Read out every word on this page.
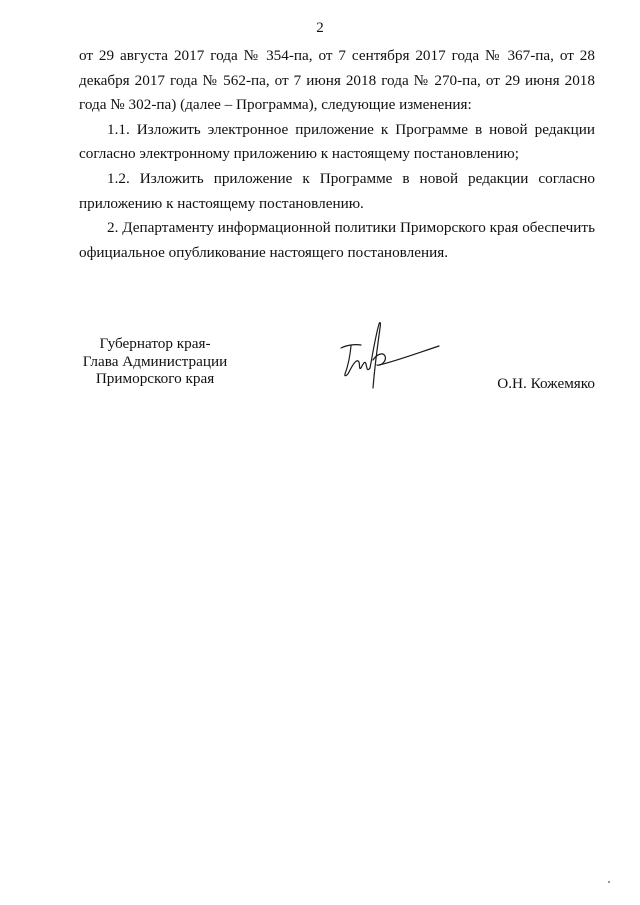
2

от 29 августа 2017 года № 354-па, от 7 сентября 2017 года № 367-па, от 28 декабря 2017 года № 562-па, от 7 июня 2018 года № 270-па, от 29 июня 2018 года № 302-па) (далее – Программа), следующие изменения:

1.1. Изложить электронное приложение к Программе в новой редакции согласно электронному приложению к настоящему постановлению;

1.2. Изложить приложение к Программе в новой редакции согласно приложению к настоящему постановлению.

2. Департаменту информационной политики Приморского края обеспечить официальное опубликование настоящего постановления.

Губернатор края-
Глава Администрации
Приморского края	О.Н. Кожемяко
